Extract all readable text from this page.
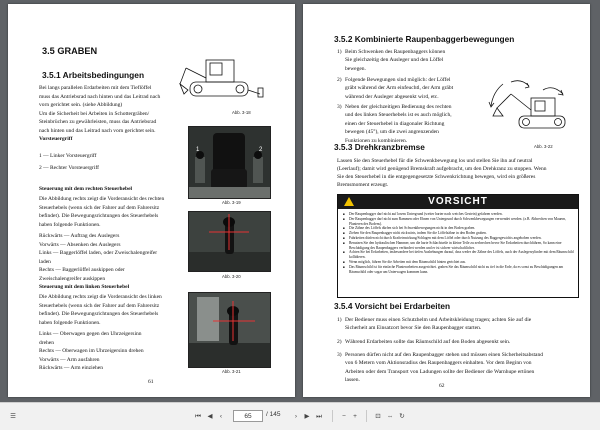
3.5 GRABEN
3.5.1 Arbeitsbedingungen
Bei langs parallelen Erdarbeiten mit dem Tieflöffel
muss das Antriebsrad nach hinten und das Leitrad nach
vorn gerichtet sein. (siehe Abbildung)
Um die Sicherheit bei Arbeiten in Schottergräben/
Steinbrüchen zu gewährleisten, muss das Antriebsrad
nach hinten und das Leitrad nach vorn gerichtet sein.
Abb. 3-18
1	2
Abb. 3-19
Vorsteuergriff
1 — Linker Vorsteuergriff
2 — Rechter Vorsteuergriff
Steuerung mit dem rechten Steuerhebel
Die Abbildung rechts zeigt die Vorderansicht des rechten
Steuerhebels (wenn sich der Fahrer auf dem Fahrersitz
befindet). Die Bewegungsrichtungen des Steuerhebels
haben folgende Funktionen.
Rückwärts — Auftrag des Auslegers
Vorwärts — Absenken des Auslegers
Links — Baggerlöffel laden, oder Zweischalengreifer
laden
Rechts — Baggerlöffel auskippen oder
Zweischalengreifer auskippen	Abb. 3-20
Steuerung mit dem linken Steuerhebel
Die Abbildung rechts zeigt die Vorderansicht des linken
Steuerhebels (wenn sich der Fahrer auf dem Fahrersitz
befindet). Die Bewegungsrichtungen des Steuerhebels
haben folgende Funktionen.
Links — Oberwagen gegen den Uhrzeigersinn
drehen
Rechts — Oberwagen im Uhrzeigersinn drehen
Vorwärts — Arm ausfahren
Rückwärts — Arm einziehen
Abb. 3-21
61
3.5.2 Kombinierte Raupenbaggerbewegungen
1) Beim Schwenken des Raupenbaggers können
Sie gleichzeitig den Ausleger und den Löffel
bewegen.
2) Folgende Bewegungen sind möglich: der Löffel
gräbt während der Arm einfeuchtl, der Arm gräbt
während der Ausleger abgesenkt wird, etc.
3) Neben der gleichzeitigen Bedienung des rechten
und des linken Steuerhebels ist es auch möglich,
einen der Steuerhebel in diagonaler Richtung
bewegen (45°), um die zwei angrenzenden
Funktionen zu kombinieren.
Abb. 3-22
3.5.3 Drehkranzbremse
Lassen Sie den Steuerhebel für die Schwenkbewegung los und stellen Sie ihn auf neutral
(Leerlauf); damit wird genügend Bremskraft aufgebracht, um den Drehkranz zu stoppen. Wenn
Sie den Steuerhebel in die entgegengesetzte Schwenkrichtung bewegen, wird ein größeres
Bremsmoment erzeugt.
VORSICHT
■ Der Raupenbagger darf nicht auf losem Untergrund (weiter harter nach weiches Gestein) gefahren werden.
■ Der Raupenbagger darf nicht zum Rammen oder Ebnen von Untergrund durch Schwenkbewegungen verwendet werden. (z.B. Abbrechen von Mauern, Planieren des Bodens).
■ Die Zähne des Löffels dürfen sich bei Schwenkbewegungen nicht in den Boden graben.
■ Ziehen Sie den Raupenbagger nicht rückwärts, indem Sie die Löffelzähne in den Boden graben.
■ Fahrketten dürfen nicht durch Krafteinwirkung/Schlagen mit dem Löffel oder durch Nutzung des Baggergewichts angehoben werden.
■ Benutzen Sie den hydraulischen Hammer, um die harte Schlachtseile in kleine Teile zu zerbrechen bevor Sie Erdarbeiten durchführen, So kann eine Beschädigung des Raupenbaggers verhindert werden und er ist sicheer wirtschaftlicher.
■ Achten Sie bei Erdarbeiten, insbesondere bei tiefen Aushebungen darauf, dass weder der Zähne des Löffels, auch der Auslegerzylinder mit dem Räumschild kollidieren.
■ Wenn möglich, führen Sie die Arbeiten mit dem Räumschild hinten gerichtet aus.
■ Das Räumschild ist für einfache Planierarbeiten ausgerichtet. graben Sie das Räumschild nicht zu tief in die Erde, da es sonst zu Beschädigungen am Räumschild oder sogar am Unterwagen kommen kann.
3.5.4 Vorsicht bei Erdarbeiten
1) Der Bediener muss einen Schutzhelm und Arbeitskleidung tragen; achten Sie auf die
Sicherheit am Einsatzort bevor Sie den Raupenbagger starten.
2) Während Erdarbeiten sollte das Räumschild auf den Boden abgesenkt sein.
3) Personen dürfen nicht auf den Raupenbagger stehen und müssen einen Sicherheitsabstand
von 6 Metern vom Aktionsradius des Raupenbaggers einhalten. Vor dem Beginn von
Arbeiten oder dem Transport von Ladungen sollte der Bediener die Warnhupe ertönen
lassen.
62
☰	⏮	◀	‹	65	/ 145	›	▶	⏭	−	+	⊡ ⇔ ↻
